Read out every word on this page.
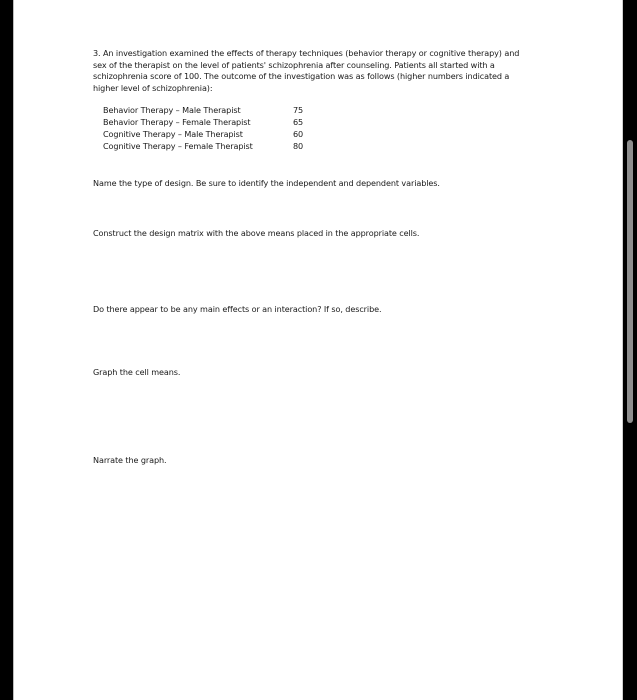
3. An investigation examined the effects of therapy techniques (behavior therapy or cognitive therapy) and sex of the therapist on the level of patients' schizophrenia after counseling. Patients all started with a schizophrenia score of 100. The outcome of the investigation was as follows (higher numbers indicated a higher level of schizophrenia):

Behavior Therapy – Male Therapist	75
Behavior Therapy – Female Therapist	65
Cognitive Therapy – Male Therapist	60
Cognitive Therapy – Female Therapist	80

Name the type of design. Be sure to identify the independent and dependent variables.

Construct the design matrix with the above means placed in the appropriate cells.

Do there appear to be any main effects or an interaction? If so, describe.

Graph the cell means.

Narrate the graph.
